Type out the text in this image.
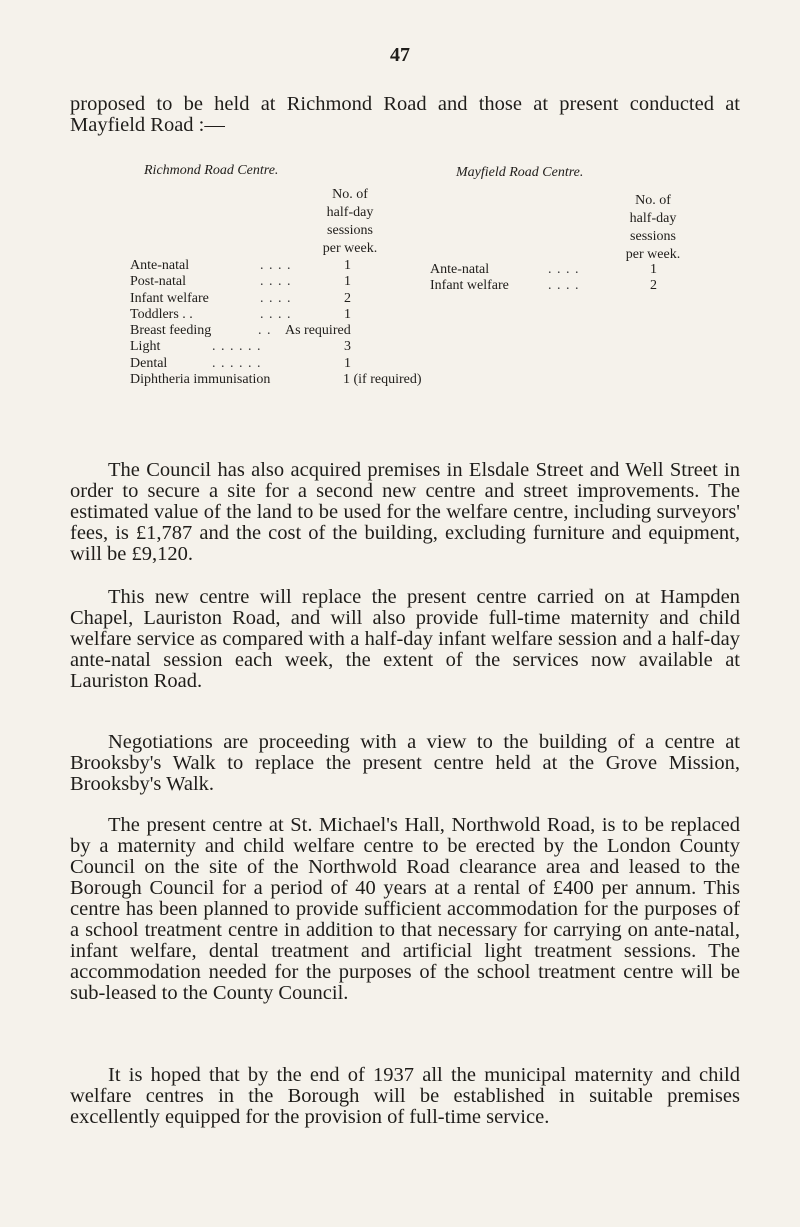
47

proposed to be held at Richmond Road and those at present conducted at Mayfield Road :—

Richmond Road Centre.
No. of
half-day
sessions
per week.
Ante-natal	. . . .	1
Post-natal	. . . .	1
Infant welfare	. . . .	2
Toddlers . .	. . . .	1
Breast feeding	. . As required
Light	. . . . . .	3
Dental	. . . . . .	1
Diphtheria immunisation	1 (if required)
Mayfield Road Centre.
No. of
half-day
sessions
per week.
Ante-natal	. . . .	1
Infant welfare	. . . .	2

The Council has also acquired premises in Elsdale Street and Well Street in order to secure a site for a second new centre and street improvements. The estimated value of the land to be used for the welfare centre, including surveyors' fees, is £1,787 and the cost of the building, excluding furniture and equipment, will be £9,120.

This new centre will replace the present centre carried on at Hampden Chapel, Lauriston Road, and will also provide full-time maternity and child welfare service as compared with a half-day infant welfare session and a half-day ante-natal session each week, the extent of the services now available at Lauriston Road.

Negotiations are proceeding with a view to the building of a centre at Brooksby's Walk to replace the present centre held at the Grove Mission, Brooksby's Walk.

The present centre at St. Michael's Hall, Northwold Road, is to be replaced by a maternity and child welfare centre to be erected by the London County Council on the site of the Northwold Road clearance area and leased to the Borough Council for a period of 40 years at a rental of £400 per annum. This centre has been planned to provide sufficient accommodation for the purposes of a school treatment centre in addition to that necessary for carrying on ante-natal, infant welfare, dental treatment and artificial light treatment sessions. The accommodation needed for the purposes of the school treatment centre will be sub-leased to the County Council.

It is hoped that by the end of 1937 all the municipal maternity and child welfare centres in the Borough will be established in suitable premises excellently equipped for the provision of full-time service.
